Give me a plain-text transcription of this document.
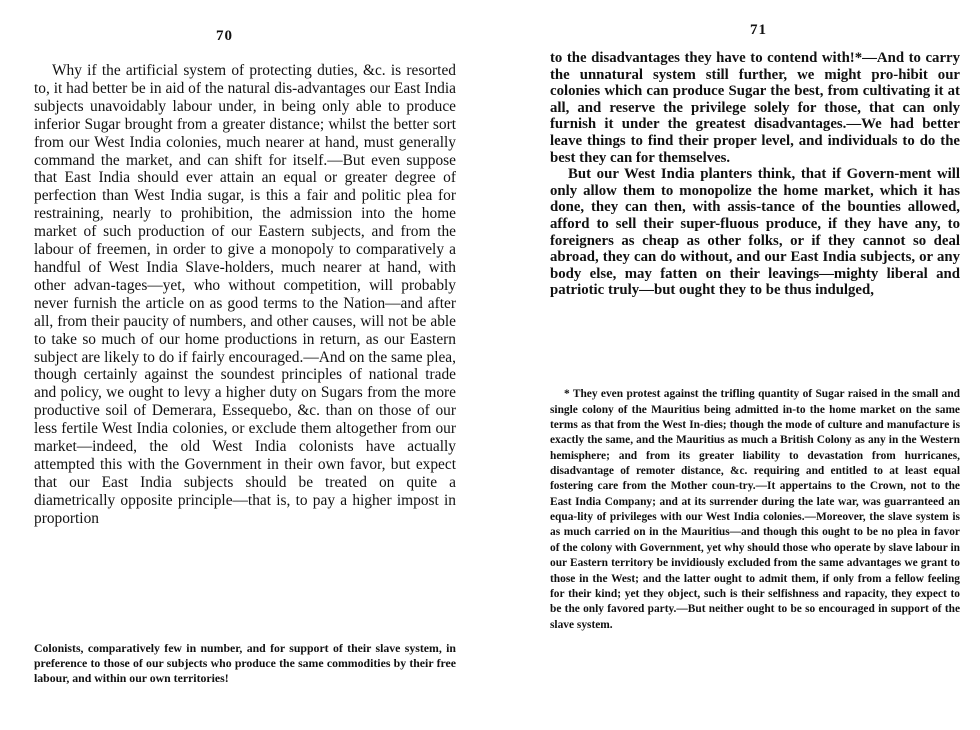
70

Why if the artificial system of protecting duties, &c. is resorted to, it had better be in aid of the natural dis-advantages our East India subjects unavoidably labour under, in being only able to produce inferior Sugar brought from a greater distance; whilst the better sort from our West India colonies, much nearer at hand, must generally command the market, and can shift for itself.—But even suppose that East India should ever attain an equal or greater degree of perfection than West India sugar, is this a fair and politic plea for restraining, nearly to prohibition, the admission into the home market of such production of our Eastern subjects, and from the labour of freemen, in order to give a monopoly to comparatively a handful of West India Slave-holders, much nearer at hand, with other advan-tages—yet, who without competition, will probably never furnish the article on as good terms to the Nation—and after all, from their paucity of numbers, and other causes, will not be able to take so much of our home productions in return, as our Eastern subject are likely to do if fairly encouraged.—And on the same plea, though certainly against the soundest principles of national trade and policy, we ought to levy a higher duty on Sugars from the more productive soil of Demerara, Essequebo, &c. than on those of our less fertile West India colonies, or exclude them altogether from our market—indeed, the old West India colonists have actually attempted this with the Government in their own favor, but expect that our East India subjects should be treated on quite a diametrically opposite principle—that is, to pay a higher impost in proportion

Colonists, comparatively few in number, and for support of their slave system, in preference to those of our subjects who produce the same commodities by their free labour, and within our own territories!
71

to the disadvantages they have to contend with!*—And to carry the unnatural system still further, we might pro-hibit our colonies which can produce Sugar the best, from cultivating it at all, and reserve the privilege solely for those, that can only furnish it under the greatest disadvantages.—We had better leave things to find their proper level, and individuals to do the best they can for themselves.

But our West India planters think, that if Govern-ment will only allow them to monopolize the home market, which it has done, they can then, with assis-tance of the bounties allowed, afford to sell their super-fluous produce, if they have any, to foreigners as cheap as other folks, or if they cannot so deal abroad, they can do without, and our East India subjects, or any body else, may fatten on their leavings—mighty liberal and patriotic truly—but ought they to be thus indulged,

* They even protest against the trifling quantity of Sugar raised in the small and single colony of the Mauritius being admitted in-to the home market on the same terms as that from the West In-dies; though the mode of culture and manufacture is exactly the same, and the Mauritius as much a British Colony as any in the Western hemisphere; and from its greater liability to devastation from hurricanes, disadvantage of remoter distance, &c. requiring and entitled to at least equal fostering care from the Mother coun-try.—It appertains to the Crown, not to the East India Company; and at its surrender during the late war, was guarranteed an equa-lity of privileges with our West India colonies.—Moreover, the slave system is as much carried on in the Mauritius—and though this ought to be no plea in favor of the colony with Government, yet why should those who operate by slave labour in our Eastern territory be invidiously excluded from the same advantages we grant to those in the West; and the latter ought to admit them, if only from a fellow feeling for their kind; yet they object, such is their selfishness and rapacity, they expect to be the only favored party.—But neither ought to be so encouraged in support of the slave system.
